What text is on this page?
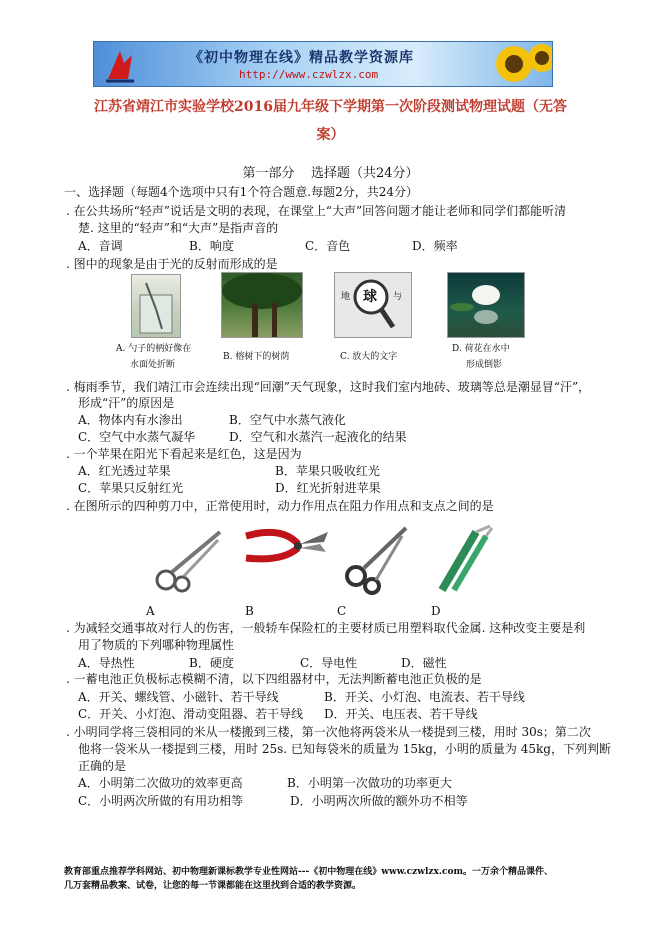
《初中物理在线》精品教学资源库
http://www.czwlzx.com
江苏省靖江市实验学校2016届九年级下学期第一次阶段测试物理试题（无答
案）
第一部分    选择题（共24分）
一、选择题（每题4个选项中只有1个符合题意.每题2分，共24分）
. 在公共场所“轻声”说话是文明的表现，在课堂上“大声”回答问题才能让老师和同学们都能听清
楚. 这里的“轻声”和“大声”是指声音的
A．音调	B．响度	C．音色	D．频率
. 图中的现象是由于光的反射而形成的是
地 球 与
A. 勺子的柄好像在
水面处折断
B. 榕树下的树荫	C. 放大的文字
D. 荷花在水中
形成倒影
. 梅雨季节，我们靖江市会连续出现“回潮”天气现象，这时我们室内地砖、玻璃等总是潮显冒“汗”，
形成“汗”的原因是
A．物体内有水渗出	B．空气中水蒸气液化
C．空气中水蒸气凝华	D．空气和水蒸汽一起液化的结果
. 一个苹果在阳光下看起来是红色，这是因为
A．红光透过苹果	B．苹果只吸收红光
C．苹果只反射红光	D．红光折射进苹果
. 在图所示的四种剪刀中，正常使用时，动力作用点在阻力作用点和支点之间的是
A	B	C	D
. 为减轻交通事故对行人的伤害，一般轿车保险杠的主要材质已用塑料取代金属. 这种改变主要是利
用了物质的下列哪种物理属性
A．导热性	B．硬度	C．导电性	D．磁性
. 一蓄电池正负极标志模糊不清，以下四组器材中，无法判断蓄电池正负极的是
A．开关、螺线管、小磁针、若干导线	B．开关、小灯泡、电流表、若干导线
C．开关、小灯泡、滑动变阻器、若干导线 D．开关、电压表、若干导线
. 小明同学将三袋相同的米从一楼搬到三楼，第一次他将两袋米从一楼提到三楼，用时 30s；第二次
他将一袋米从一楼提到三楼，用时 25s. 已知每袋米的质量为 15kg，小明的质量为 45kg，下列判断
正确的是
A．小明第二次做功的效率更高	B．小明第一次做功的功率更大
C．小明两次所做的有用功相等	D．小明两次所做的额外功不相等
教育部重点推荐学科网站、初中物理新课标教学专业性网站---《初中物理在线》www.czwlzx.com。一万余个精品课件、
几万套精品教案、试卷，让您的每一节课都能在这里找到合适的教学资源。
